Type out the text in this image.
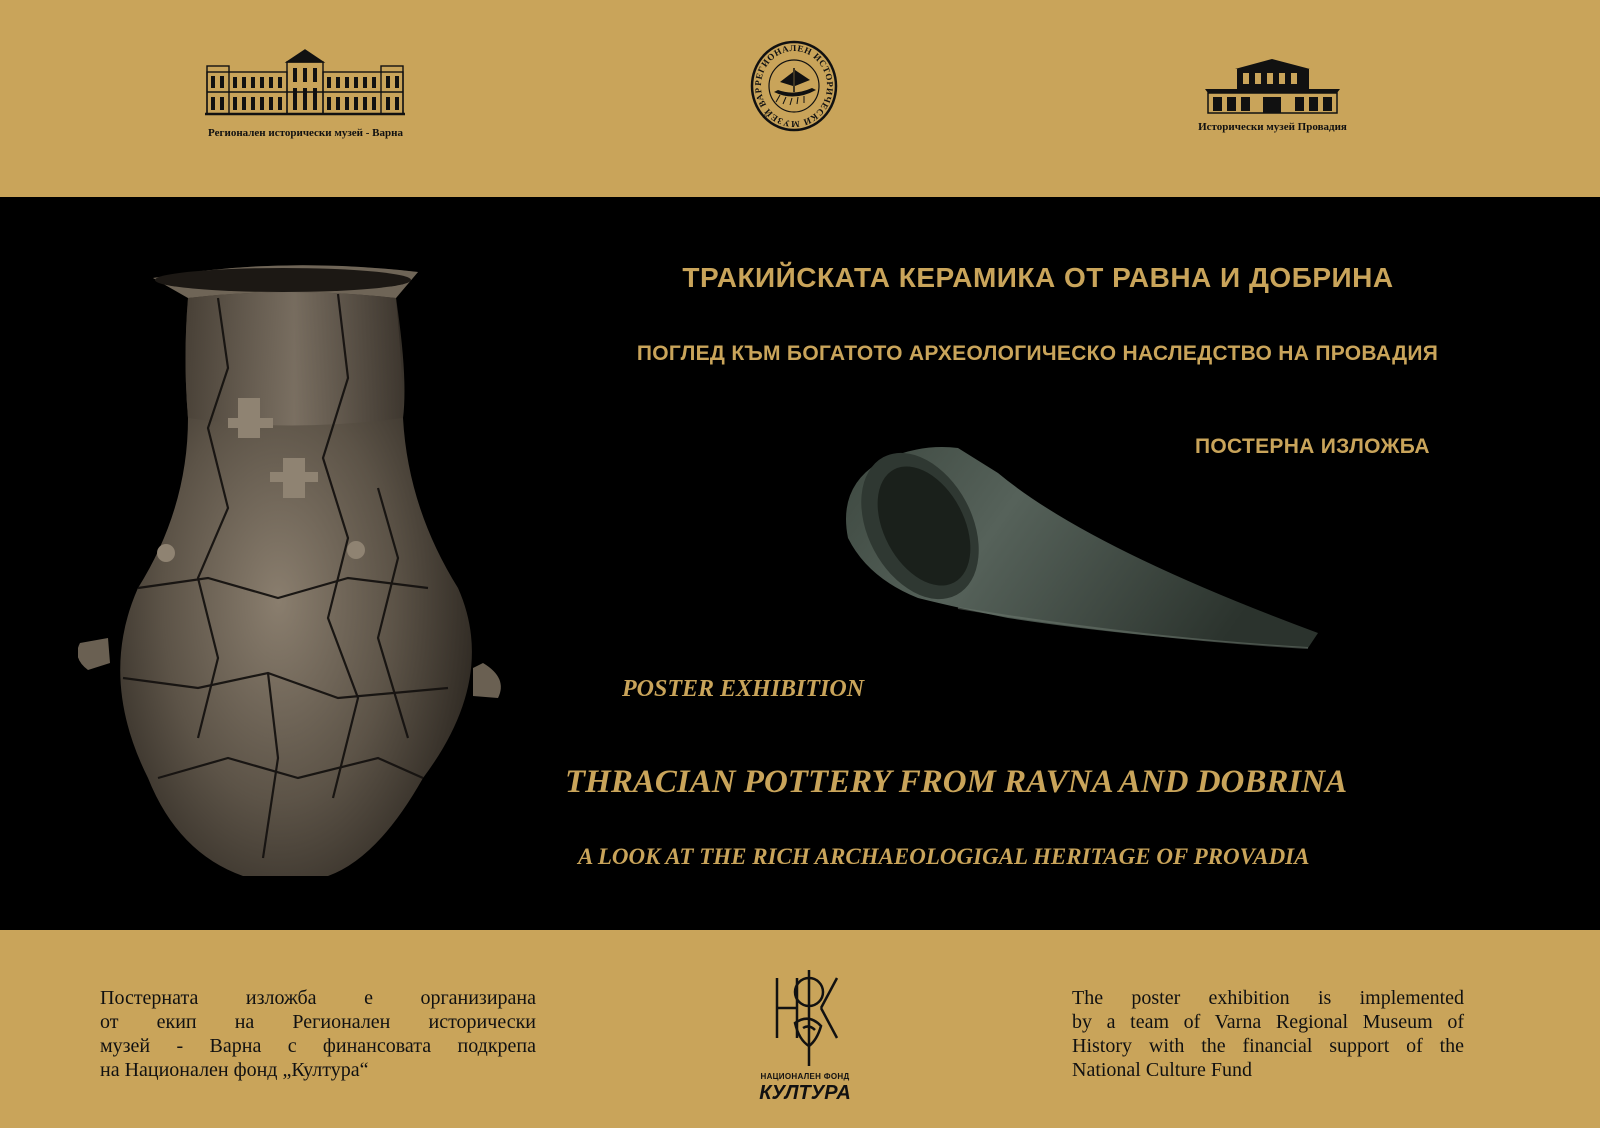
Регионален исторически музей - Варна
РЕГИОНАЛЕН ИСТОРИЧЕСКИ МУЗЕЙ ВАР
Исторически музей Провадия
ТРАКИЙСКАТА КЕРАМИКА ОТ РАВНА И ДОБРИНА
ПОГЛЕД КЪМ БОГАТОТО АРХЕОЛОГИЧЕСКО НАСЛЕДСТВО НА ПРОВАДИЯ
ПОСТЕРНА ИЗЛОЖБА
POSTER EXHIBITION
THRACIAN POTTERY FROM RAVNA AND DOBRINA
A LOOK AT THE RICH ARCHAEOLOGIGAL HERITAGE OF PROVADIA
Постерната изложба е организирана
от екип на Регионален исторически
музей - Варна с финансовата подкрепа
на Национален фонд „Култура“	НАЦИОНАЛЕН ФОНД
КУЛТУРА
The poster exhibition is implemented
by a team of Varna Regional Museum of
History with the financial support of the
National Culture Fund
